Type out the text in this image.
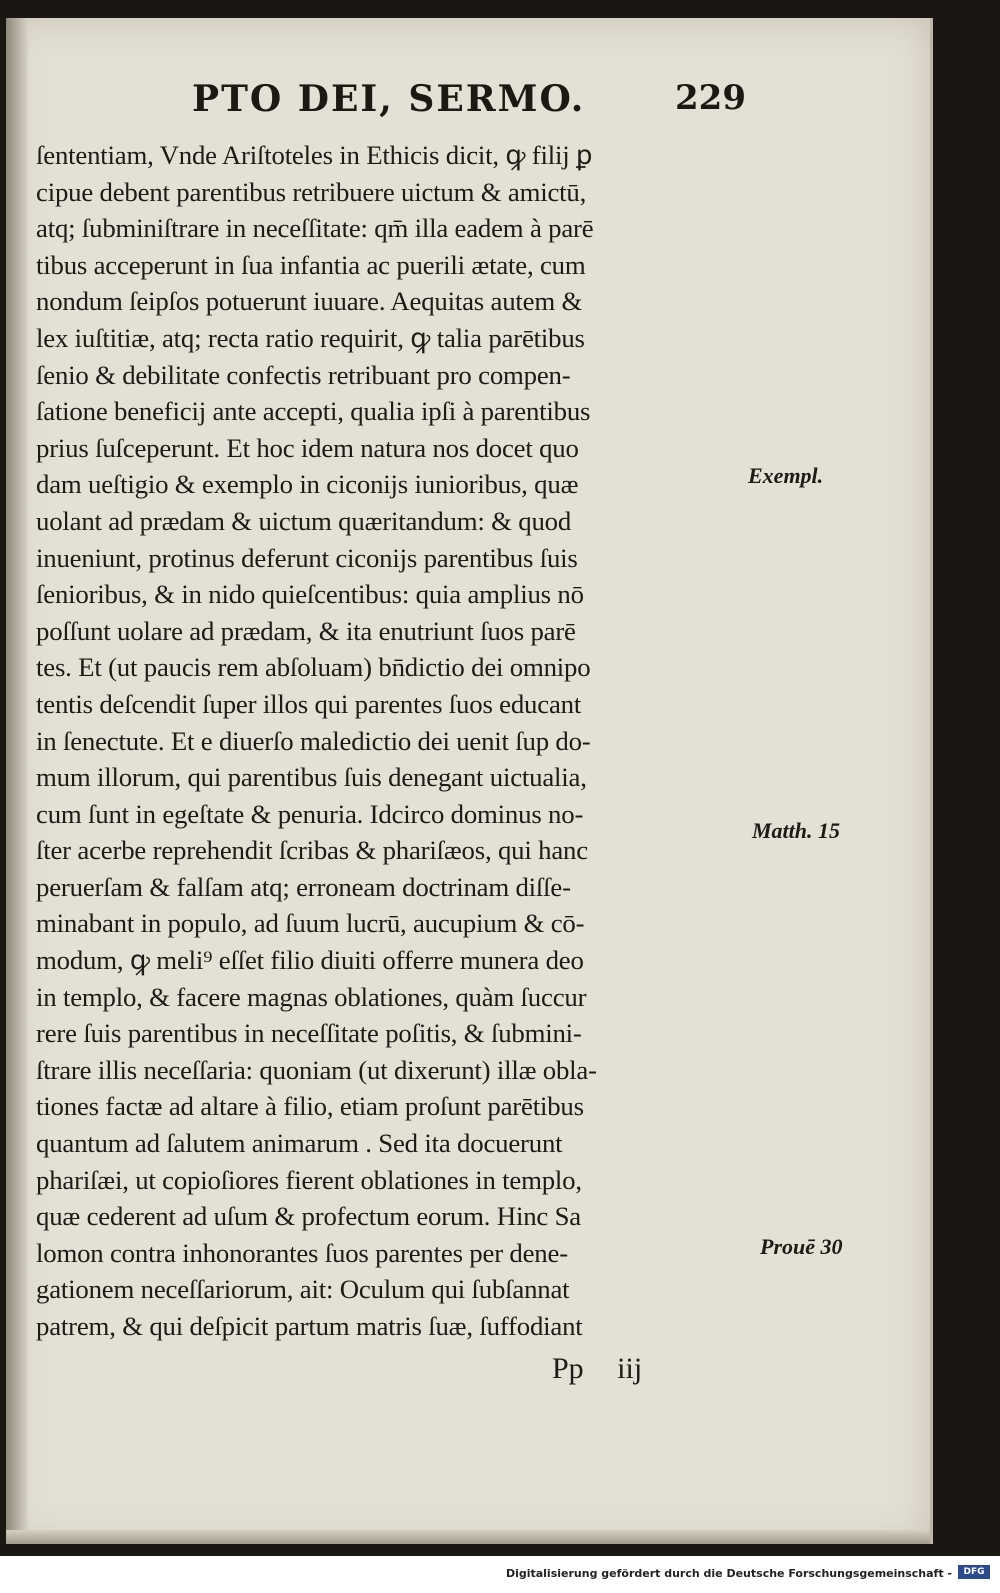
PTO DEI, SERMO.	229
ſententiam, Vnde Ariſtoteles in Ethicis dicit, ꝙ filij ꝑ
cipue debent parentibus retribuere uictum & amictū,
atq; ſubminiſtrare in neceſſitate: qm̄ illa eadem à parē
tibus acceperunt in ſua infantia ac puerili ætate, cum
nondum ſeipſos potuerunt iuuare. Aequitas autem &
lex iuſtitiæ, atq; recta ratio requirit, ꝙ talia parētibus
ſenio & debilitate confectis retribuant pro compen-
ſatione beneficij ante accepti, qualia ipſi à parentibus
prius ſuſceperunt. Et hoc idem natura nos docet quo
dam ueſtigio & exemplo in ciconijs iunioribus, quæ
uolant ad prædam & uictum quæritandum: & quod
inueniunt, protinus deferunt ciconijs parentibus ſuis
ſenioribus, & in nido quieſcentibus: quia amplius nō
poſſunt uolare ad prædam, & ita enutriunt ſuos parē
tes. Et (ut paucis rem abſoluam) bn̄dictio dei omnipo
tentis deſcendit ſuper illos qui parentes ſuos educant
in ſenectute. Et e diuerſo maledictio dei uenit ſup do-
mum illorum, qui parentibus ſuis denegant uictualia,
cum ſunt in egeſtate & penuria. Idcirco dominus no-
ſter acerbe reprehendit ſcribas & phariſæos, qui hanc
peruerſam & falſam atq; erroneam doctrinam diſſe-
minabant in populo, ad ſuum lucrū, aucupium & cō-
modum, ꝙ meli⁹ eſſet filio diuiti offerre munera deo
in templo, & facere magnas oblationes, quàm ſuccur
rere ſuis parentibus in neceſſitate poſitis, & ſubmini-
ſtrare illis neceſſaria: quoniam (ut dixerunt) illæ obla-
tiones factæ ad altare à filio, etiam proſunt parētibus
quantum ad ſalutem animarum . Sed ita docuerunt
phariſæi, ut copioſiores fierent oblationes in templo,
quæ cederent ad uſum & profectum eorum. Hinc Sa
lomon contra inhonorantes ſuos parentes per dene-
gationem neceſſariorum, ait: Oculum qui ſubſannat
patrem, & qui deſpicit partum matris ſuæ, ſuffodiant
Exempl.
Matth. 15
Prouē 30
Pp iij
Digitalisierung gefördert durch die Deutsche Forschungsgemeinschaft -	DFG
